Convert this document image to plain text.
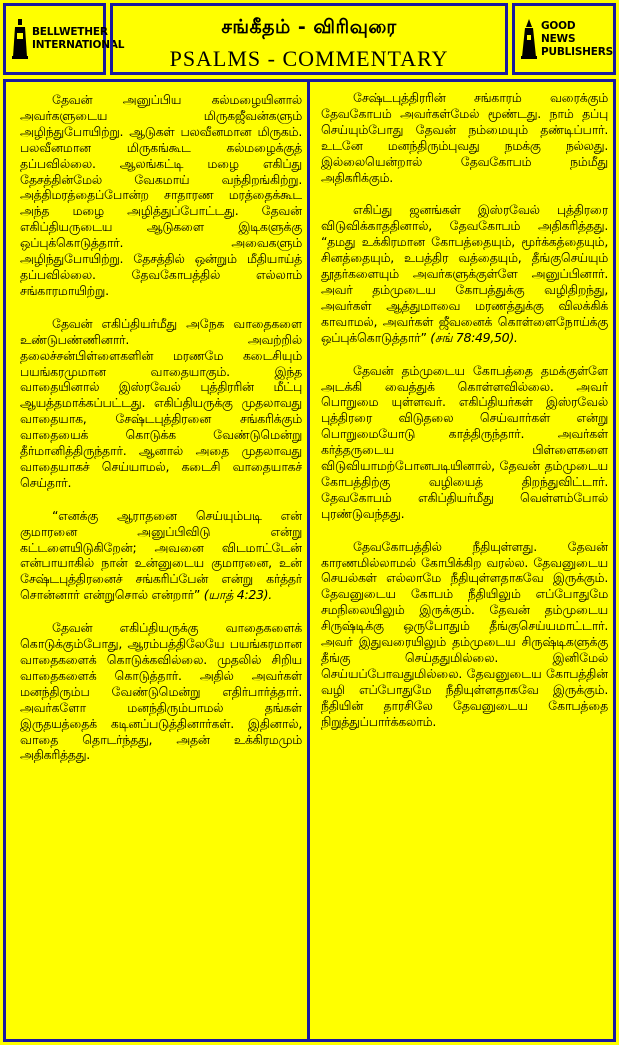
BELLWETHER
INTERNATIONAL
சங்கீதம் - விரிவுரை
PSALMS - COMMENTARY
GOOD NEWS
PUBLISHERS

தேவன் அனுப்பிய கல்மழையினால் அவர்களுடைய மிருகஜீவன்களும் அழிந்துபோயிற்று. ஆடுகள் பலவீனமான மிருகம். பலவீனமான மிருகங்கூட கல்மழைக்குத் தப்பவில்லை. ஆலங்கட்டி மழை எகிப்து தேசத்தின்மேல் வேகமாய் வந்திறங்கிற்று. அத்திமரத்தைப்போன்ற சாதாரண மரத்தைக்கூட அந்த மழை அழித்துப்போட்டது. தேவன் எகிப்தியருடைய ஆடுகளை இடிகளுக்கு ஒப்புக்கொடுத்தார். அவைகளும் அழிந்துபோயிற்று. தேசத்தில் ஒன்றும் மீதியாய்த் தப்பவில்லை. தேவகோபத்தில் எல்லாம் சங்காரமாயிற்று.

தேவன் எகிப்தியர்மீது அநேக வாதைகளை உண்டுபண்ணினார். அவற்றில் தலைச்சன்பிள்ளைகளின் மரணமே கடைசியும் பயங்கரமுமான வாதையாகும். இந்த வாதையினால் இஸ்ரவேல் புத்திரரின் மீட்பு ஆயத்தமாக்கப்பட்டது. எகிப்தியருக்கு முதலாவது வாதையாக, சேஷ்டபுத்திரனை சங்கரிக்கும் வாதையைக் கொடுக்க வேண்டுமென்று தீர்மானித்திருந்தார். ஆனால் அதை முதலாவது வாதையாகச் செய்யாமல், கடைசி வாதையாகச் செய்தார்.

“எனக்கு ஆராதனை செய்யும்படி என் குமாரனை அனுப்பிவிடு என்று கட்டளையிடுகிறேன்; அவனை விடமாட்டேன் என்பாயாகில் நான் உன்னுடைய குமாரனை, உன் சேஷ்டபுத்திரனைச் சங்கரிப்பேன் என்று கர்த்தர் சொன்னார் என்றுசொல் என்றார்” (யாத் 4:23).

தேவன் எகிப்தியருக்கு வாதைகளைக் கொடுக்கும்போது, ஆரம்பத்திலேயே பயங்கரமான வாதைகளைக் கொடுக்கவில்லை. முதலில் சிறிய வாதைகளைக் கொடுத்தார். அதில் அவர்கள் மனந்திரும்ப வேண்டுமென்று எதிர்பார்த்தார். அவர்களோ மனந்திரும்பாமல் தங்கள் இருதயத்தைக் கடினப்படுத்தினார்கள். இதினால், வாதை தொடர்ந்தது, அதன் உக்கிரமமும் அதிகரித்தது.

சேஷ்டபுத்திரரின் சங்காரம் வரைக்கும் தேவகோபம் அவர்கள்மேல் மூண்டது. நாம் தப்பு செய்யும்போது தேவன் நம்மையும் தண்டிப்பார். உடனே மனந்திரும்புவது நமக்கு நல்லது. இல்லையென்றால் தேவகோபம் நம்மீது அதிகரிக்கும்.

எகிப்து ஜனங்கள் இஸ்ரவேல் புத்திரரை விடுவிக்காததினால், தேவகோபம் அதிகரித்தது. “தமது உக்கிரமான கோபத்தையும், மூர்க்கத்தையும், சினத்தையும், உபத்திர வத்தையும், தீங்குசெய்யும் தூதர்களையும் அவர்களுக்குள்ளே அனுப்பினார். அவர் தம்முடைய கோபத்துக்கு வழிதிறந்து, அவர்கள் ஆத்துமாவை மரணத்துக்கு விலக்கிக் காவாமல், அவர்கள் ஜீவனைக் கொள்ளைநோய்க்கு ஒப்புக்கொடுத்தார்” (சங் 78:49,50).

தேவன் தம்முடைய கோபத்தை தமக்குள்ளே அடக்கி வைத்துக் கொள்ளவில்லை. அவர் பொறுமை யுள்ளவர். எகிப்தியர்கள் இஸ்ரவேல் புத்திரரை விடுதலை செய்வார்கள் என்று பொறுமையோடு காத்திருந்தார். அவர்கள் கர்த்தருடைய பிள்ளைகளை விடுவியாமற்போனபடியினால், தேவன் தம்முடைய கோபத்திற்கு வழியைத் திறந்துவிட்டார். தேவகோபம் எகிப்தியர்மீது வெள்ளம்போல் புரண்டுவந்தது.

தேவகோபத்தில் நீதியுள்ளது. தேவன் காரணமில்லாமல் கோபிக்கிற வரல்ல. தேவனுடைய செயல்கள் எல்லாமே நீதியுள்ளதாகவே இருக்கும். தேவனுடைய கோபம் நீதியிலும் எப்போதுமே சமநிலையிலும் இருக்கும். தேவன் தம்முடைய சிருஷ்டிக்கு ஒருபோதும் தீங்குசெய்யமாட்டார். அவர் இதுவரையிலும் தம்முடைய சிருஷ்டிகளுக்கு தீங்கு செய்ததுமில்லை. இனிமேல் செய்யப்போவதுமில்லை. தேவனுடைய கோபத்தின் வழி எப்போதுமே நீதியுள்ளதாகவே இருக்கும். நீதியின் தாரசிலே தேவனுடைய கோபத்தை நிறுத்துப்பார்க்கலாம்.
